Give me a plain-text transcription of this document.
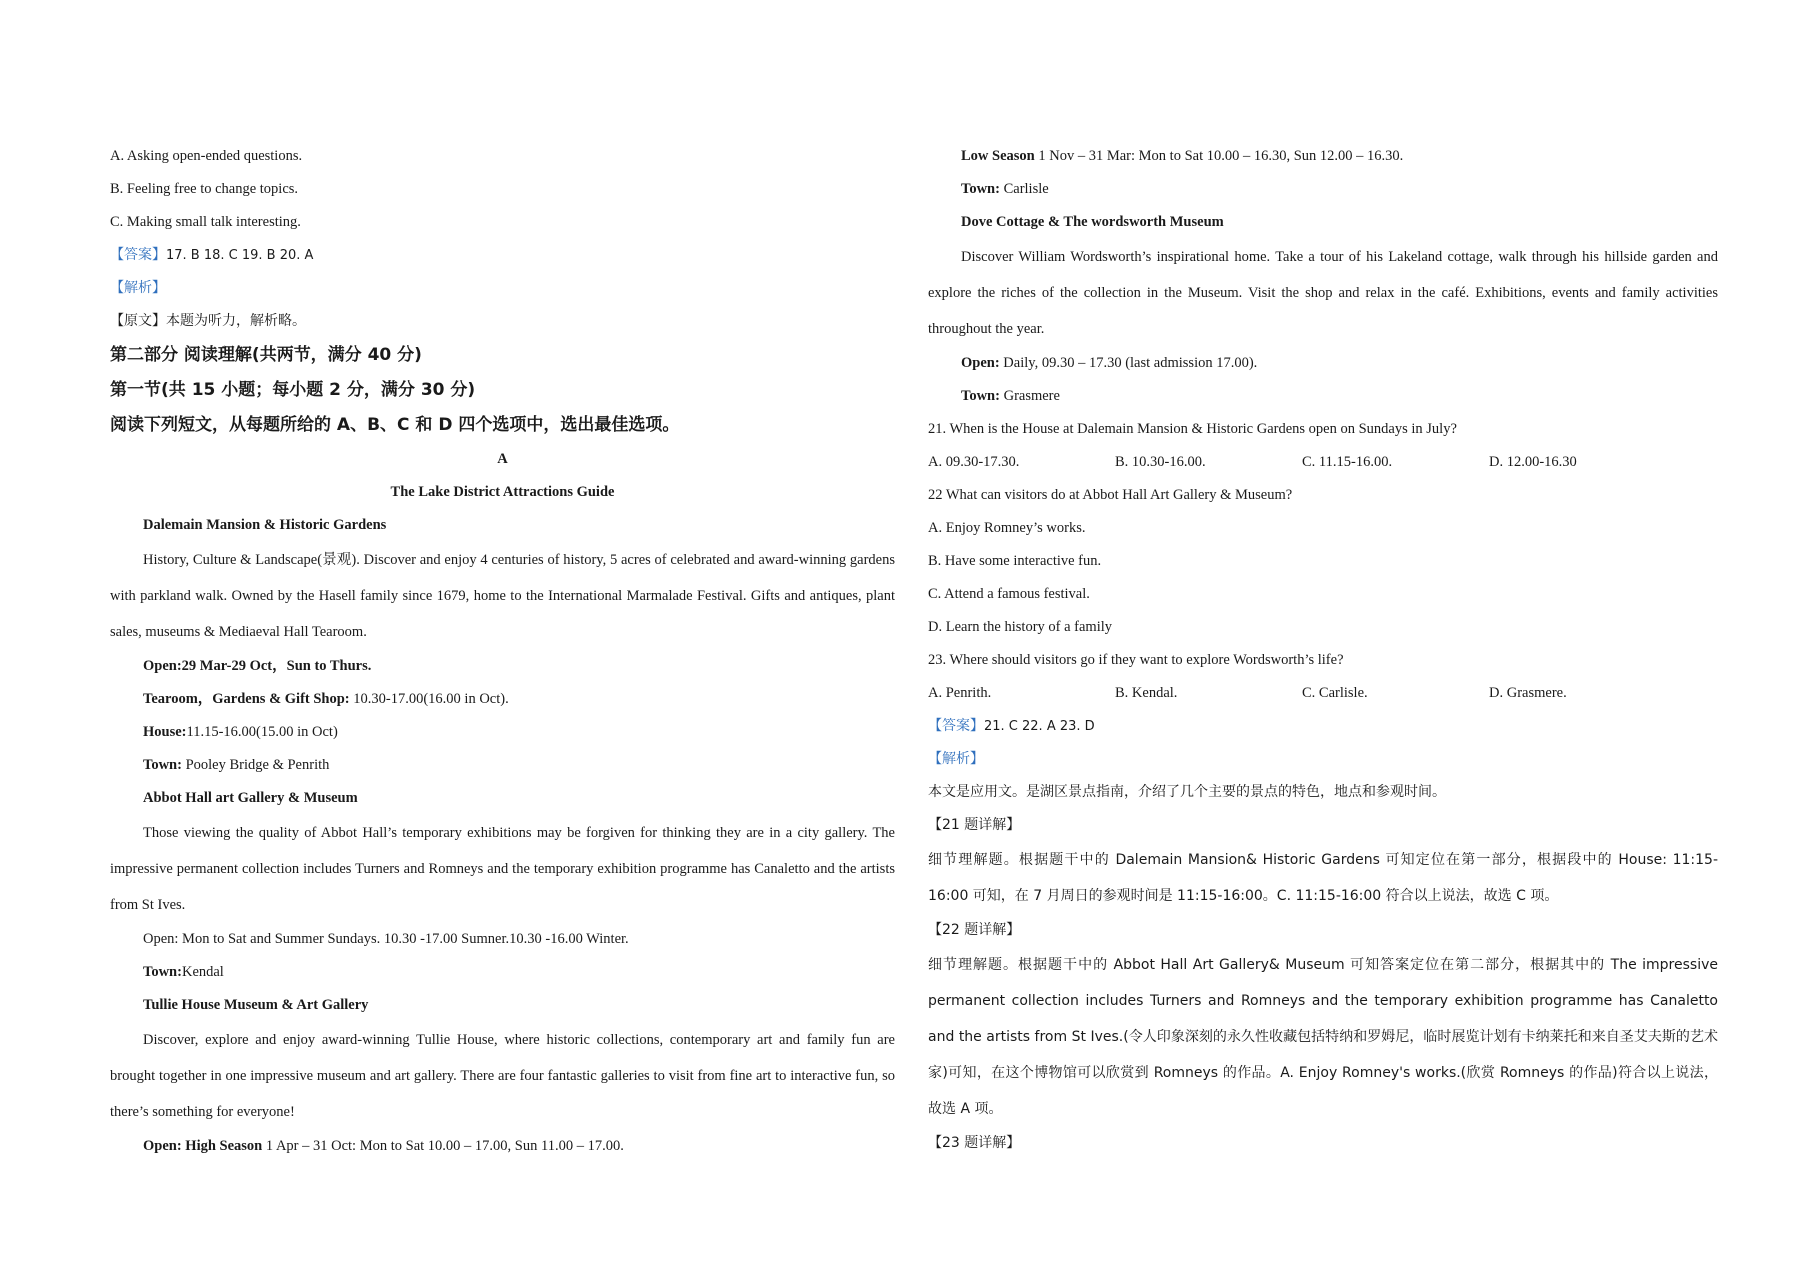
A. Asking open-ended questions.
B. Feeling free to change topics.
C. Making small talk interesting.
【答案】17. B 18. C 19. B 20. A
【解析】
【原文】本题为听力，解析略。
第二部分 阅读理解(共两节，满分 40 分)
第一节(共 15 小题；每小题 2 分，满分 30 分)
阅读下列短文，从每题所给的 A、B、C 和 D 四个选项中，选出最佳选项。
A
The Lake District Attractions Guide
Dalemain Mansion & Historic Gardens
History, Culture & Landscape(景观). Discover and enjoy 4 centuries of history, 5 acres of celebrated and award-winning gardens with parkland walk. Owned by the Hasell family since 1679, home to the International Marmalade Festival. Gifts and antiques, plant sales, museums & Mediaeval Hall Tearoom.
Open:29 Mar-29 Oct，Sun to Thurs.
Tearoom，Gardens & Gift Shop: 10.30-17.00(16.00 in Oct).
House:11.15-16.00(15.00 in Oct)
Town: Pooley Bridge & Penrith
Abbot Hall art Gallery & Museum
Those viewing the quality of Abbot Hall’s temporary exhibitions may be forgiven for thinking they are in a city gallery. The impressive permanent collection includes Turners and Romneys and the temporary exhibition programme has Canaletto and the artists from St Ives.
Open: Mon to Sat and Summer Sundays. 10.30 -17.00 Sumner.10.30 -16.00 Winter.
Town:Kendal
Tullie House Museum & Art Gallery
Discover, explore and enjoy award-winning Tullie House, where historic collections, contemporary art and family fun are brought together in one impressive museum and art gallery. There are four fantastic galleries to visit from fine art to interactive fun, so there’s something for everyone!
Open: High Season 1 Apr – 31 Oct: Mon to Sat 10.00 – 17.00, Sun 11.00 – 17.00.
Low Season 1 Nov – 31 Mar: Mon to Sat 10.00 – 16.30, Sun 12.00 – 16.30.
Town: Carlisle
Dove Cottage & The wordsworth Museum
Discover William Wordsworth’s inspirational home. Take a tour of his Lakeland cottage, walk through his hillside garden and explore the riches of the collection in the Museum. Visit the shop and relax in the café. Exhibitions, events and family activities throughout the year.
Open: Daily, 09.30 – 17.30 (last admission 17.00).
Town: Grasmere
21. When is the House at Dalemain Mansion & Historic Gardens open on Sundays in July?
A. 09.30-17.30.	B. 10.30-16.00.	C. 11.15-16.00.	D. 12.00-16.30
22 What can visitors do at Abbot Hall Art Gallery & Museum?
A. Enjoy Romney’s works.
B. Have some interactive fun.
C. Attend a famous festival.
D. Learn the history of a family
23. Where should visitors go if they want to explore Wordsworth’s life?
A. Penrith.	B. Kendal.	C. Carlisle.	D. Grasmere.
【答案】21. C 22. A 23. D
【解析】
本文是应用文。是湖区景点指南，介绍了几个主要的景点的特色，地点和参观时间。
【21 题详解】
细节理解题。根据题干中的 Dalemain Mansion& Historic Gardens 可知定位在第一部分，根据段中的 House: 11:15-16:00 可知，在 7 月周日的参观时间是 11:15-16:00。C. 11:15-16:00 符合以上说法，故选 C 项。
【22 题详解】
细节理解题。根据题干中的 Abbot Hall Art Gallery& Museum 可知答案定位在第二部分，根据其中的 The impressive permanent collection includes Turners and Romneys and the temporary exhibition programme has Canaletto and the artists from St Ives.(令人印象深刻的永久性收藏包括特纳和罗姆尼，临时展览计划有卡纳莱托和来自圣艾夫斯的艺术家)可知，在这个博物馆可以欣赏到 Romneys 的作品。A. Enjoy Romney's works.(欣赏 Romneys 的作品)符合以上说法，故选 A 项。
【23 题详解】
